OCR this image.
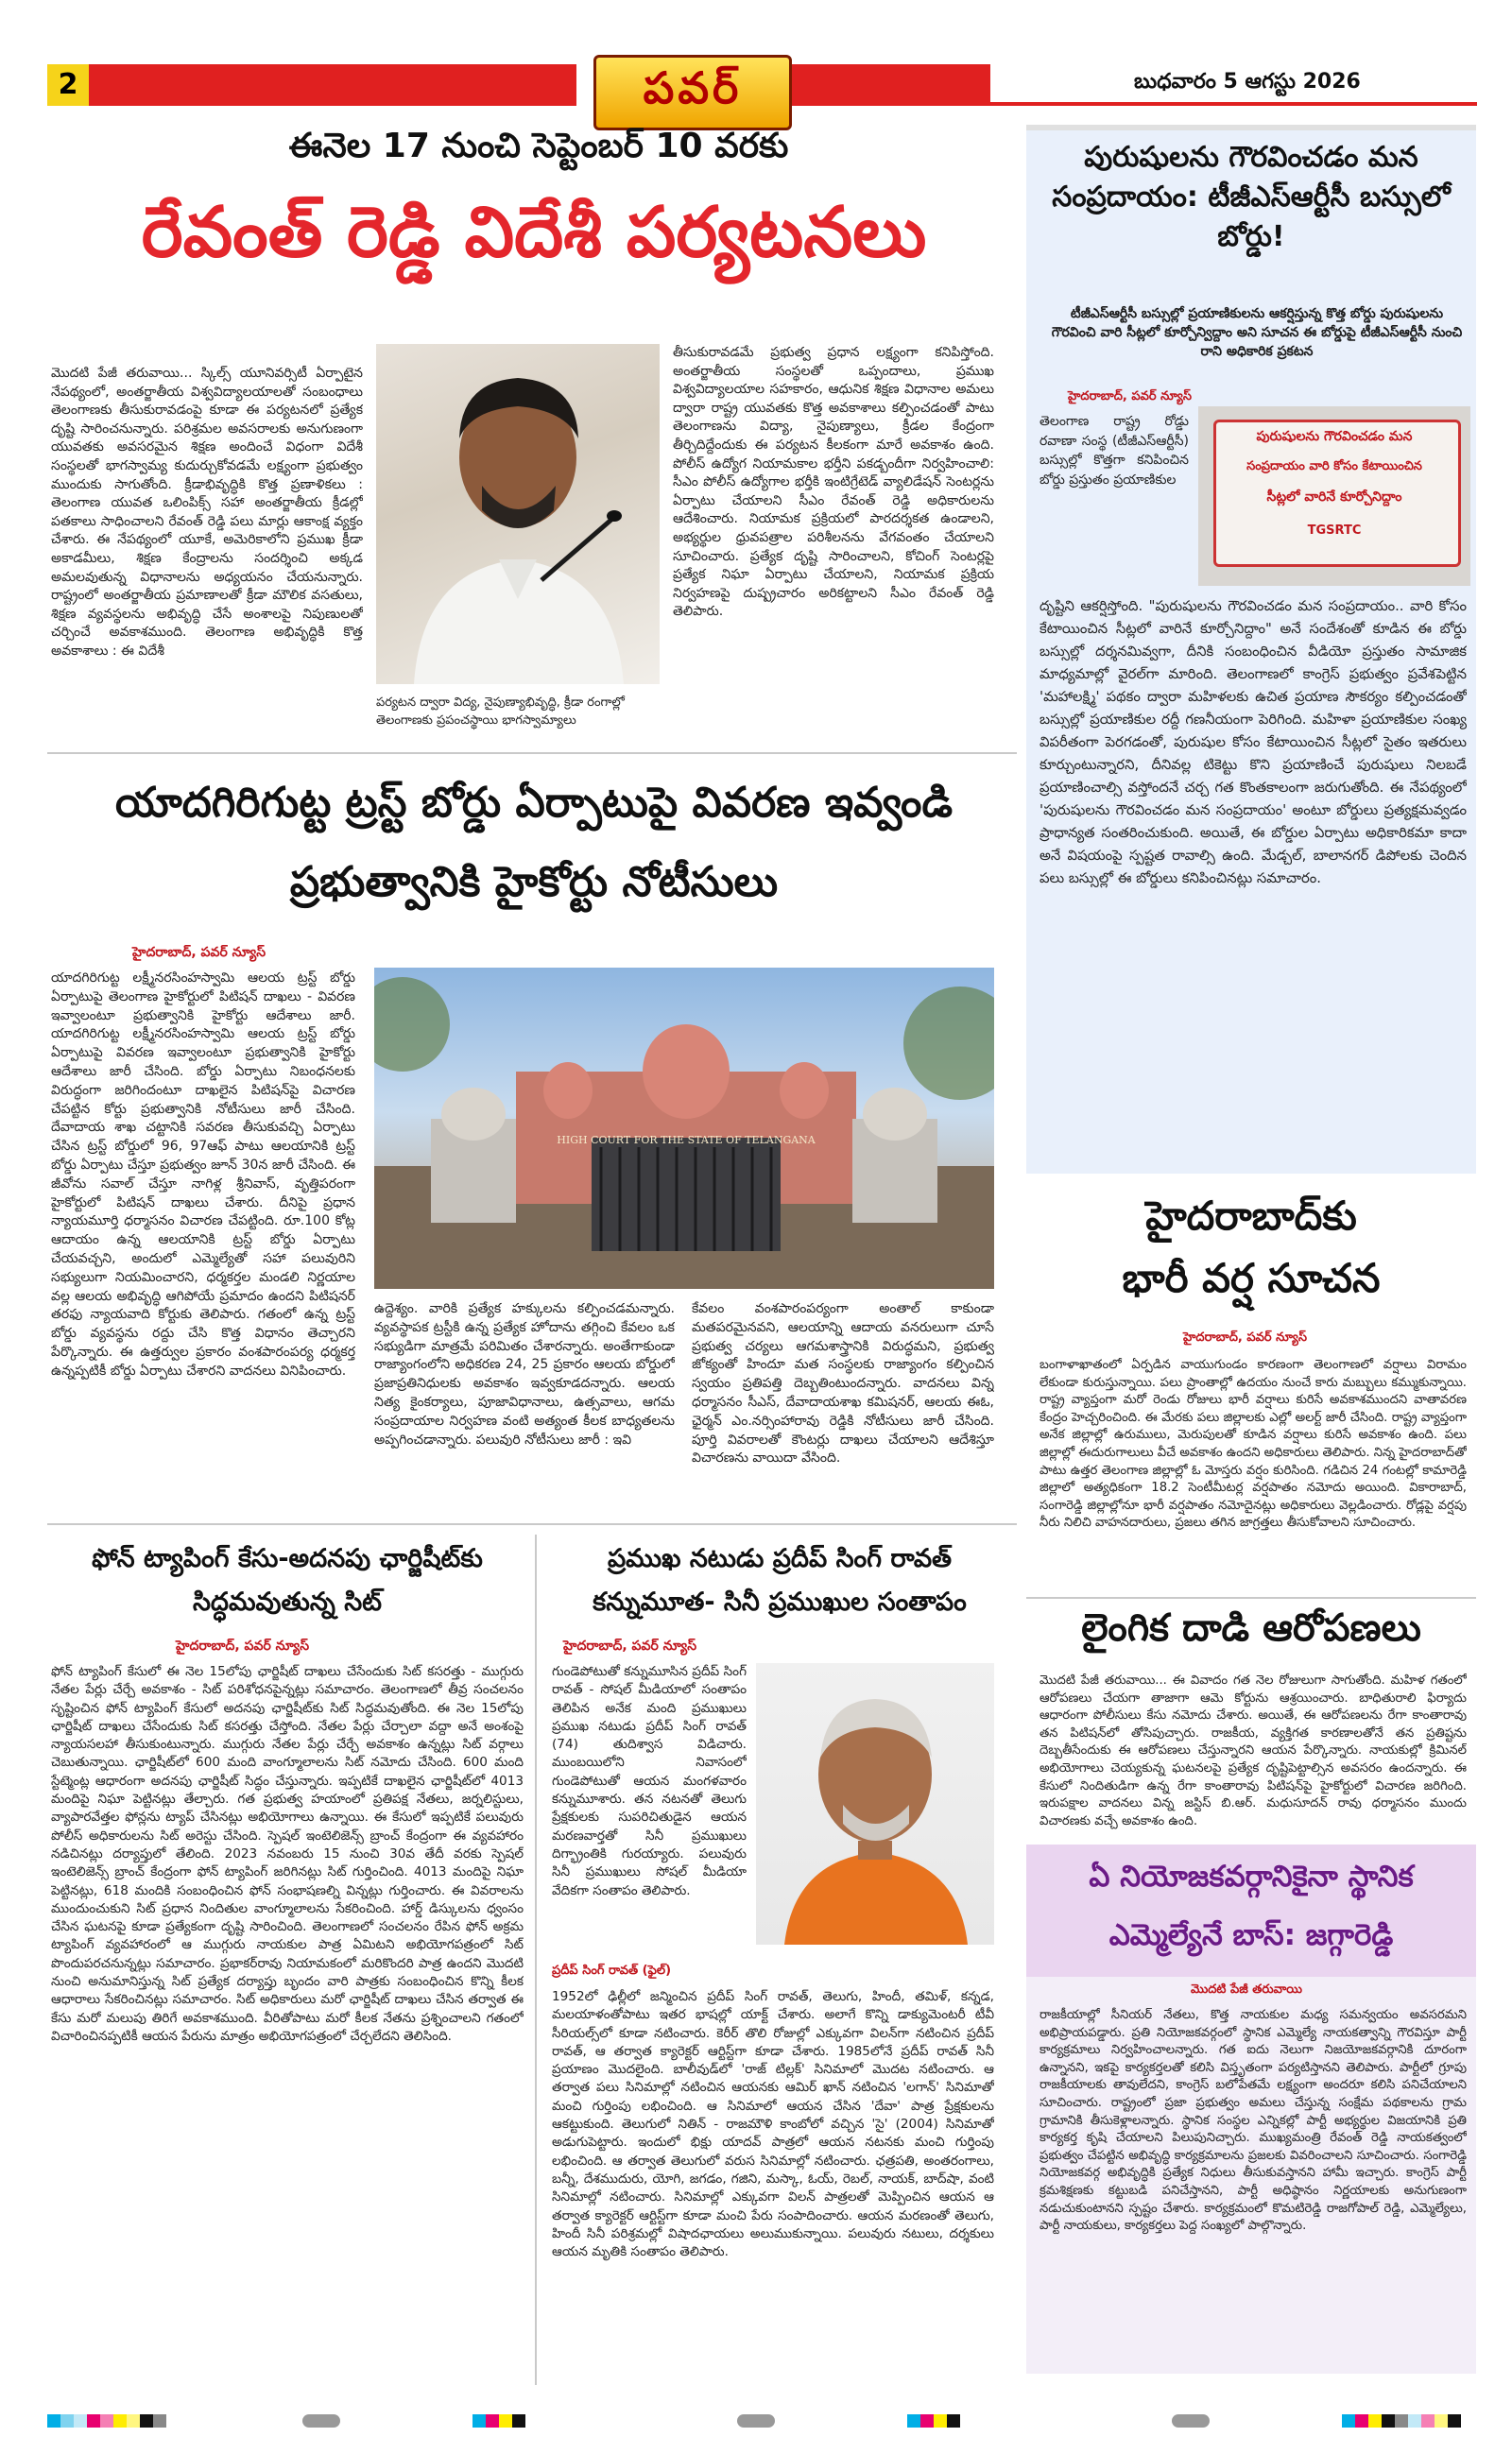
2	పవర్	బుధవారం 5 ఆగస్టు 2026
ఈనెల 17 నుంచి సెప్టెంబర్ 10 వరకు
రేవంత్ రెడ్డి విదేశీ పర్యటనలు
మొదటి పేజీ తరువాయి... స్కిల్స్ యూనివర్సిటీ ఏర్పాటైన నేపథ్యంలో, అంతర్జాతీయ విశ్వవిద్యాలయాలతో సంబంధాలు తెలంగాణకు తీసుకురావడంపై కూడా ఈ పర్యటనలో ప్రత్యేక దృష్టి సారించనున్నారు. పరిశ్రమల అవసరాలకు అనుగుణంగా యువతకు అవసరమైన శిక్షణ అందించే విధంగా విదేశీ సంస్థలతో భాగస్వామ్య కుదుర్చుకోవడమే లక్ష్యంగా ప్రభుత్వం ముందుకు సాగుతోంది. క్రీడాభివృద్ధికి కొత్త ప్రణాళికలు : తెలంగాణ యువత ఒలింపిక్స్ సహా అంతర్జాతీయ క్రీడల్లో పతకాలు సాధించాలని రేవంత్ రెడ్డి పలు మార్లు ఆకాంక్ష వ్యక్తం చేశారు. ఈ నేపథ్యంలో యూకే, అమెరికాలోని ప్రముఖ క్రీడా అకాడమీలు, శిక్షణ కేంద్రాలను సందర్శించి అక్కడ అమలవుతున్న విధానాలను అధ్యయనం చేయనున్నారు. రాష్ట్రంలో అంతర్జాతీయ ప్రమాణాలతో క్రీడా మౌలిక వసతులు, శిక్షణ వ్యవస్థలను అభివృద్ధి చేసే అంశాలపై నిపుణులతో చర్చించే అవకాశముంది. తెలంగాణ అభివృద్ధికి కొత్త అవకాశాలు : ఈ విదేశీ
పర్యటన ద్వారా విద్య, నైపుణ్యాభివృద్ధి, క్రీడా రంగాల్లో తెలంగాణకు ప్రపంచస్థాయి భాగస్వామ్యాలు
తీసుకురావడమే ప్రభుత్వ ప్రధాన లక్ష్యంగా కనిపిస్తోంది. అంతర్జాతీయ సంస్థలతో ఒప్పందాలు, ప్రముఖ విశ్వవిద్యాలయాల సహకారం, ఆధునిక శిక్షణ విధానాల అమలు ద్వారా రాష్ట్ర యువతకు కొత్త అవకాశాలు కల్పించడంతో పాటు తెలంగాణను విద్యా, నైపుణ్యాలు, క్రీడల కేంద్రంగా తీర్చిదిద్దేందుకు ఈ పర్యటన కీలకంగా మారే అవకాశం ఉంది. పోలీస్ ఉద్యోగ నియామకాల భర్తీని పకడ్బందీగా నిర్వహించాలి: సీఎం పోలీస్ ఉద్యోగాల భర్తీకి ఇంటిగ్రేటెడ్ వ్యాలిడేషన్ సెంటర్లను ఏర్పాటు చేయాలని సీఎం రేవంత్ రెడ్డి అధికారులను ఆదేశించారు. నియామక ప్రక్రియలో పారదర్శకత ఉండాలని, అభ్యర్థుల ధ్రువపత్రాల పరిశీలనను వేగవంతం చేయాలని సూచించారు. ప్రత్యేక దృష్టి సారించాలని, కోచింగ్ సెంటర్లపై ప్రత్యేక నిఘా ఏర్పాటు చేయాలని, నియామక ప్రక్రియ నిర్వహణపై దుష్ప్రచారం అరికట్టాలని సీఎం రేవంత్ రెడ్డి తెలిపారు.
యాదగిరిగుట్ట ట్రస్ట్ బోర్డు ఏర్పాటుపై వివరణ ఇవ్వండి
ప్రభుత్వానికి హైకోర్టు నోటీసులు
హైదరాబాద్, పవర్ న్యూస్
యాదగిరిగుట్ట లక్ష్మీనరసింహస్వామి ఆలయ ట్రస్ట్ బోర్డు ఏర్పాటుపై తెలంగాణ హైకోర్టులో పిటిషన్ దాఖలు - వివరణ ఇవ్వాలంటూ ప్రభుత్వానికి హైకోర్టు ఆదేశాలు జారీ. యాదగిరిగుట్ట లక్ష్మీనరసింహస్వామి ఆలయ ట్రస్ట్ బోర్డు ఏర్పాటుపై వివరణ ఇవ్వాలంటూ ప్రభుత్వానికి హైకోర్టు ఆదేశాలు జారీ చేసింది. బోర్డు ఏర్పాటు నిబంధనలకు విరుద్ధంగా జరిగిందంటూ దాఖలైన పిటిషన్‌పై విచారణ చేపట్టిన కోర్టు ప్రభుత్వానికి నోటీసులు జారీ చేసింది. దేవాదాయ శాఖ చట్టానికి సవరణ తీసుకువచ్చి ఏర్పాటు చేసిన ట్రస్ట్ బోర్డులో 96, 97ఆఫ్ పాటు ఆలయానికి ట్రస్ట్ బోర్డు ఏర్పాటు చేస్తూ ప్రభుత్వం జూన్ 30న జారీ చేసింది. ఈ జీవోను సవాల్ చేస్తూ నాగిళ్ల శ్రీనివాస్, వృత్తిపరంగా హైకోర్టులో పిటిషన్ దాఖలు చేశారు. దీనిపై ప్రధాన న్యాయమూర్తి ధర్మాసనం విచారణ చేపట్టింది. రూ.100 కోట్ల ఆదాయం ఉన్న ఆలయానికి ట్రస్ట్ బోర్డు ఏర్పాటు చేయవచ్చని, అందులో ఎమ్మెల్యేతో సహా పలువురిని సభ్యులుగా నియమించారని, ధర్మకర్తల మండలి నిర్ణయాల వల్ల ఆలయ అభివృద్ధి ఆగిపోయే ప్రమాదం ఉందని పిటిషనర్ తరఫు న్యాయవాది కోర్టుకు తెలిపారు. గతంలో ఉన్న ట్రస్ట్ బోర్డు వ్యవస్థను రద్దు చేసి కొత్త విధానం తెచ్చారని పేర్కొన్నారు. ఈ ఉత్తర్వుల ప్రకారం వంశపారంపర్య ధర్మకర్త ఉన్నప్పటికీ బోర్డు ఏర్పాటు చేశారని వాదనలు వినిపించారు.
HIGH COURT FOR THE STATE OF TELANGANA
ఉద్దెశ్యం. వారికి ప్రత్యేక హక్కులను కల్పించడమన్నారు. వ్యవస్థాపక ట్రస్టీకి ఉన్న ప్రత్యేక హోదాను తగ్గించి కేవలం ఒక సభ్యుడిగా మాత్రమే పరిమితం చేశారన్నారు. అంతేగాకుండా రాజ్యాంగంలోని అధికరణ 24, 25 ప్రకారం ఆలయ బోర్డులో ప్రజాప్రతినిధులకు అవకాశం ఇవ్వకూడదన్నారు. ఆలయ నిత్య కైంకర్యాలు, పూజావిధానాలు, ఉత్సవాలు, ఆగమ సంప్రదాయాల నిర్వహణ వంటి అత్యంత కీలక బాధ్యతలను అప్పగించడాన్నారు. పలువురి నోటీసులు జారీ : ఇవి
కేవలం వంశపారంపర్యంగా అంతాల్ కాకుండా మతపరమైనవని, ఆలయాన్ని ఆదాయ వనరులుగా చూసే ప్రభుత్వ చర్యలు ఆగమశాస్త్రానికి విరుద్ధమని, ప్రభుత్వ జోక్యంతో హిందూ మత సంస్థలకు రాజ్యాంగం కల్పించిన స్వయం ప్రతిపత్తి దెబ్బతింటుందన్నారు. వాదనలు విన్న ధర్మాసనం సీఎస్, దేవాదాయశాఖ కమిషనర్, ఆలయ ఈఓ, ఛైర్మన్ ఎం.నర్సింహారావు రెడ్డికి నోటీసులు జారీ చేసింది. పూర్తి వివరాలతో కౌంటర్లు దాఖలు చేయాలని ఆదేశిస్తూ విచారణను వాయిదా వేసింది.
ఫోన్ ట్యాపింగ్ కేసు-అదనపు ఛార్జిషీట్‌కు
సిద్ధమవుతున్న సిట్
హైదరాబాద్, పవర్ న్యూస్
ఫోన్ ట్యాపింగ్ కేసులో ఈ నెల 15లోపు ఛార్జిషీట్ దాఖలు చేసేందుకు సిట్ కసరత్తు - ముగ్గురు నేతల పేర్లు చేర్చే అవకాశం - సిట్ పరిశోధనపైన్నట్లు సమాచారం. తెలంగాణలో తీవ్ర సంచలనం సృష్టించిన ఫోన్ ట్యాపింగ్ కేసులో అదనపు ఛార్జిషీట్‌కు సిట్ సిద్ధమవుతోంది. ఈ నెల 15లోపు ఛార్జిషీట్ దాఖలు చేసేందుకు సిట్ కసరత్తు చేస్తోంది. నేతల పేర్లు చేర్చాలా వద్దా అనే అంశంపై న్యాయసలహా తీసుకుంటున్నారు. ముగ్గురు నేతల పేర్లు చేర్చే అవకాశం ఉన్నట్లు సిట్ వర్గాలు చెబుతున్నాయి. ఛార్జిషీట్‌లో 600 మంది వాంగ్మూలాలను సిట్ నమోదు చేసింది. 600 మంది స్టేట్మెంట్ల ఆధారంగా అదనపు ఛార్జిషీట్ సిద్ధం చేస్తున్నారు. ఇప్పటికే దాఖలైన ఛార్జిషీట్‌లో 4013 మందిపై నిఘా పెట్టినట్లు తేల్చారు. గత ప్రభుత్వ హయాంలో ప్రతిపక్ష నేతలు, జర్నలిస్టులు, వ్యాపారవేత్తల ఫోన్లను ట్యాప్ చేసినట్లు అభియోగాలు ఉన్నాయి. ఈ కేసులో ఇప్పటికే పలువురు పోలీస్ అధికారులను సిట్ అరెస్టు చేసింది. స్పెషల్ ఇంటెలిజెన్స్ బ్రాంచ్ కేంద్రంగా ఈ వ్యవహారం నడిచినట్లు దర్యాప్తులో తేలింది. 2023 నవంబరు 15 నుంచి 30వ తేదీ వరకు స్పెషల్ ఇంటెలిజెన్స్ బ్రాంచ్ కేంద్రంగా ఫోన్ ట్యాపింగ్ జరిగినట్లు సిట్ గుర్తించింది. 4013 మందిపై నిఘా పెట్టినట్లు, 618 మందికి సంబంధించిన ఫోన్ సంభాషణల్ని విన్నట్లు గుర్తించారు. ఈ వివరాలను ముందుంచుకుని సిట్ ప్రధాన నిందితుల వాంగ్మూలాలను సేకరించింది. హార్డ్ డిస్కులను ధ్వంసం చేసిన ఘటనపై కూడా ప్రత్యేకంగా దృష్టి సారించింది. తెలంగాణలో సంచలనం రేపిన ఫోన్ అక్రమ ట్యాపింగ్ వ్యవహారంలో ఆ ముగ్గురు నాయకుల పాత్ర ఏమిటని అభియోగపత్రంలో సిట్ పొందుపరచనున్నట్లు సమాచారం. ప్రభాకర్‌రావు నియామకంలో మరికొందరి పాత్ర ఉందని మొదటి నుంచి అనుమానిస్తున్న సిట్ ప్రత్యేక దర్యాప్తు బృందం వారి పాత్రకు సంబంధించిన కొన్ని కీలక ఆధారాలు సేకరించినట్లు సమాచారం. సిట్ అధికారులు మరో ఛార్జిషీట్ దాఖలు చేసిన తర్వాత ఈ కేసు మరో మలుపు తిరిగే అవకాశముంది. వీరితోపాటు మరో కీలక నేతను ప్రశ్నించాలని గతంలో విచారించినప్పటికీ ఆయన పేరును మాత్రం అభియోగపత్రంలో చేర్చలేదని తెలిసింది.
ప్రముఖ నటుడు ప్రదీప్ సింగ్ రావత్
కన్నుమూత- సినీ ప్రముఖుల సంతాపం
హైదరాబాద్, పవర్ న్యూస్
గుండెపోటుతో కన్నుమూసిన ప్రదీప్ సింగ్ రావత్ - సోషల్ మీడియాలో సంతాపం తెలిపిన అనేక మంది ప్రముఖులు ప్రముఖ నటుడు ప్రదీప్ సింగ్ రావత్ (74) తుదిశ్వాస విడిచారు. ముంబయిలోని నివాసంలో గుండెపోటుతో ఆయన మంగళవారం కన్నుమూశారు. తన నటనతో తెలుగు ప్రేక్షకులకు సుపరిచితుడైన ఆయన మరణవార్తతో సినీ ప్రముఖులు దిగ్భ్రాంతికి గురయ్యారు. పలువురు సినీ ప్రముఖులు సోషల్ మీడియా వేదికగా సంతాపం తెలిపారు.
ప్రదీప్ సింగ్ రావత్ (ఫైల్)
1952లో ఢిల్లీలో జన్మించిన ప్రదీప్ సింగ్ రావత్, తెలుగు, హిందీ, తమిళ్, కన్నడ, మలయాళంతోపాటు ఇతర భాషల్లో యాక్ట్ చేశారు. అలాగే కొన్ని డాక్యుమెంటరీ టీవీ సీరియల్స్‌లో కూడా నటించారు. కెరీర్ తొలి రోజుల్లో ఎక్కువగా విలన్‌గా నటించిన ప్రదీప్ రావత్, ఆ తర్వాత క్యారెక్టర్ ఆర్టిస్ట్‌గా కూడా చేశారు. 1985లోనే ప్రదీప్ రావత్ సినీ ప్రయాణం మొదలైంది. బాలీవుడ్‌లో 'రాజ్ టిల్లక్' సినిమాలో మొదట నటించారు. ఆ తర్వాత పలు సినిమాల్లో నటించిన ఆయనకు ఆమిర్ ఖాన్ నటించిన 'లగాన్' సినిమాతో మంచి గుర్తింపు లభించింది. ఆ సినిమాలో ఆయన చేసిన 'దేవా' పాత్ర ప్రేక్షకులను ఆకట్టుకుంది. తెలుగులో నితిన్ - రాజమౌళి కాంబోలో వచ్చిన 'సై' (2004) సినిమాతో అడుగుపెట్టారు. ఇందులో భిక్షు యాదవ్ పాత్రలో ఆయన నటనకు మంచి గుర్తింపు లభించింది. ఆ తర్వాత తెలుగులో వరుస సినిమాల్లో నటించారు. ఛత్రపతి, అంతరంగాలు, బన్నీ, దేశముదురు, యోగి, జగడం, గజిని, మస్కా, ఓయ్, రెబల్, నాయక్, బాద్‌షా, వంటి సినిమాల్లో నటించారు. సినిమాల్లో ఎక్కువగా విలన్ పాత్రలతో మెప్పించిన ఆయన ఆ తర్వాత క్యారెక్టర్ ఆర్టిస్ట్‌గా కూడా మంచి పేరు సంపాదించారు. ఆయన మరణంతో తెలుగు, హిందీ సినీ పరిశ్రమల్లో విషాదఛాయలు అలుముకున్నాయి. పలువురు నటులు, దర్శకులు ఆయన మృతికి సంతాపం తెలిపారు.
పురుషులను గౌరవించడం మన సంప్రదాయం: టీజీఎస్ఆర్టీసీ బస్సులో బోర్డు!
టీజీఎస్ఆర్టీసీ బస్సుల్లో ప్రయాణికులను ఆకర్షిస్తున్న కొత్త బోర్డు పురుషులను గౌరవించి వారి సీట్లలో కూర్చోన్విద్దాం అని సూచన ఈ బోర్డుపై టీజీఎస్ఆర్టీసీ నుంచి రాని అధికారిక ప్రకటన
హైదరాబాద్, పవర్ న్యూస్
పురుషులను గౌరవించడం మన
సంప్రదాయం వారి కోసం కేటాయించిన
సీట్లలో వారినే కూర్చోనిద్దాం
TGSRTC
తెలంగాణ రాష్ట్ర రోడ్డు రవాణా సంస్థ (టీజీఎస్ఆర్టీసీ) బస్సుల్లో కొత్తగా కనిపించిన బోర్డు ప్రస్తుతం ప్రయాణికుల
దృష్టిని ఆకర్షిస్తోంది. "పురుషులను గౌరవించడం మన సంప్రదాయం.. వారి కోసం కేటాయించిన సీట్లలో వారినే కూర్చోనిద్దాం" అనే సందేశంతో కూడిన ఈ బోర్డు బస్సుల్లో దర్శనమివ్వగా, దీనికి సంబంధించిన వీడియో ప్రస్తుతం సామాజిక మాధ్యమాల్లో వైరల్‌గా మారింది. తెలంగాణలో కాంగ్రెస్ ప్రభుత్వం ప్రవేశపెట్టిన 'మహాలక్ష్మి' పథకం ద్వారా మహిళలకు ఉచిత ప్రయాణ సౌకర్యం కల్పించడంతో బస్సుల్లో ప్రయాణికుల రద్దీ గణనీయంగా పెరిగింది. మహిళా ప్రయాణికుల సంఖ్య విపరీతంగా పెరగడంతో, పురుషుల కోసం కేటాయించిన సీట్లలో సైతం ఇతరులు కూర్చుంటున్నారని, దీనివల్ల టికెట్టు కొని ప్రయాణించే పురుషులు నిలబడే ప్రయాణించాల్సి వస్తోందనే చర్చ గత కొంతకాలంగా జరుగుతోంది. ఈ నేపథ్యంలో 'పురుషులను గౌరవించడం మన సంప్రదాయం' అంటూ బోర్డులు ప్రత్యక్షమవ్వడం ప్రాధాన్యత సంతరించుకుంది. అయితే, ఈ బోర్డుల ఏర్పాటు అధికారికమా కాదా అనే విషయంపై స్పష్టత రావాల్సి ఉంది. మేడ్చల్, బాలానగర్ డిపోలకు చెందిన పలు బస్సుల్లో ఈ బోర్డులు కనిపించినట్లు సమాచారం.
హైదరాబాద్‌కు
భారీ వర్ష సూచన
హైదరాబాద్, పవర్ న్యూస్
బంగాళాఖాతంలో ఏర్పడిన వాయుగుండం కారణంగా తెలంగాణలో వర్షాలు విరామం లేకుండా కురుస్తున్నాయి. పలు ప్రాంతాల్లో ఉదయం నుంచే కారు మబ్బులు కమ్ముకున్నాయి. రాష్ట్ర వ్యాప్తంగా మరో రెండు రోజులు భారీ వర్షాలు కురిసే అవకాశముందని వాతావరణ కేంద్రం హెచ్చరించింది. ఈ మేరకు పలు జిల్లాలకు ఎల్లో అలర్ట్ జారీ చేసింది. రాష్ట్ర వ్యాప్తంగా అనేక జిల్లాల్లో ఉరుములు, మెరుపులతో కూడిన వర్షాలు కురిసే అవకాశం ఉంది. పలు జిల్లాల్లో ఈదురుగాలులు వీచే అవకాశం ఉందని అధికారులు తెలిపారు. నిన్న హైదరాబాద్‌తో పాటు ఉత్తర తెలంగాణ జిల్లాల్లో ఓ మోస్తరు వర్షం కురిసింది. గడిచిన 24 గంటల్లో కామారెడ్డి జిల్లాలో అత్యధికంగా 18.2 సెంటీమీటర్ల వర్షపాతం నమోదు అయింది. వికారాబాద్, సంగారెడ్డి జిల్లాల్లోనూ భారీ వర్షపాతం నమోదైనట్లు అధికారులు వెల్లడించారు. రోడ్లపై వర్షపు నీరు నిలిచి వాహనదారులు, ప్రజలు తగిన జాగ్రత్తలు తీసుకోవాలని సూచించారు.
లైంగిక దాడి ఆరోపణలు
మొదటి పేజీ తరువాయి... ఈ వివాదం గత నెల రోజులుగా సాగుతోంది. మహిళ గతంలో ఆరోపణలు చేయగా తాజాగా ఆమె కోర్టును ఆశ్రయించారు. బాధితురాలి ఫిర్యాదు ఆధారంగా పోలీసులు కేసు నమోదు చేశారు. అయితే, ఈ ఆరోపణలను రేగా కాంతారావు తన పిటిషన్‌లో తోసిపుచ్చారు. రాజకీయ, వ్యక్తిగత కారణాలతోనే తన ప్రతిష్టను దెబ్బతీసేందుకు ఈ ఆరోపణలు చేస్తున్నారని ఆయన పేర్కొన్నారు. నాయకుల్లో క్రిమినల్ అభియోగాలు చెయ్యకున్న ఘటనలపై ప్రత్యేక దృష్టిపెట్టాల్సిన అవసరం ఉందన్నారు. ఈ కేసులో నిందితుడిగా ఉన్న రేగా కాంతారావు పిటిషన్‌పై హైకోర్టులో విచారణ జరిగింది. ఇరుపక్షాల వాదనలు విన్న జస్టిస్ బి.ఆర్. మధుసూదన్ రావు ధర్మాసనం ముందు విచారణకు వచ్చే అవకాశం ఉంది.
ఏ నియోజకవర్గానికైనా స్థానిక
ఎమ్మెల్యేనే బాస్: జగ్గారెడ్డి
మొదటి పేజీ తరువాయి
రాజకీయాల్లో సీనియర్ నేతలు, కొత్త నాయకుల మధ్య సమన్వయం అవసరమని అభిప్రాయపడ్డారు. ప్రతి నియోజకవర్గంలో స్థానిక ఎమ్మెల్యే నాయకత్వాన్ని గౌరవిస్తూ పార్టీ కార్యక్రమాలు నిర్వహించాలన్నారు. గత ఐదు నెలుగా నిజయోజకవర్గానికి దూరంగా ఉన్నానని, ఇకపై కార్యకర్తలతో కలిసి విస్తృతంగా పర్యటిస్తానని తెలిపారు. పార్టీలో గ్రూపు రాజకీయాలకు తావులేదని, కాంగ్రెస్ బలోపేతమే లక్ష్యంగా అందరూ కలిసి పనిచేయాలని సూచించారు. రాష్ట్రంలో ప్రజా ప్రభుత్వం అమలు చేస్తున్న సంక్షేమ పథకాలను గ్రామ గ్రామానికి తీసుకెళ్లాలన్నారు. స్థానిక సంస్థల ఎన్నికల్లో పార్టీ అభ్యర్థుల విజయానికి ప్రతి కార్యకర్త కృషి చేయాలని పిలుపునిచ్చారు. ముఖ్యమంత్రి రేవంత్ రెడ్డి నాయకత్వంలో ప్రభుత్వం చేపట్టిన అభివృద్ధి కార్యక్రమాలను ప్రజలకు వివరించాలని సూచించారు. సంగారెడ్డి నియోజకవర్గ అభివృద్ధికి ప్రత్యేక నిధులు తీసుకువస్తానని హామీ ఇచ్చారు. కాంగ్రెస్ పార్టీ క్రమశిక్షణకు కట్టుబడి పనిచేస్తానని, పార్టీ అధిష్ఠానం నిర్ణయాలకు అనుగుణంగా నడుచుకుంటానని స్పష్టం చేశారు. కార్యక్రమంలో కొమటిరెడ్డి రాజగోపాల్ రెడ్డి, ఎమ్మెల్యేలు, పార్టీ నాయకులు, కార్యకర్తలు పెద్ద సంఖ్యలో పాల్గొన్నారు.
